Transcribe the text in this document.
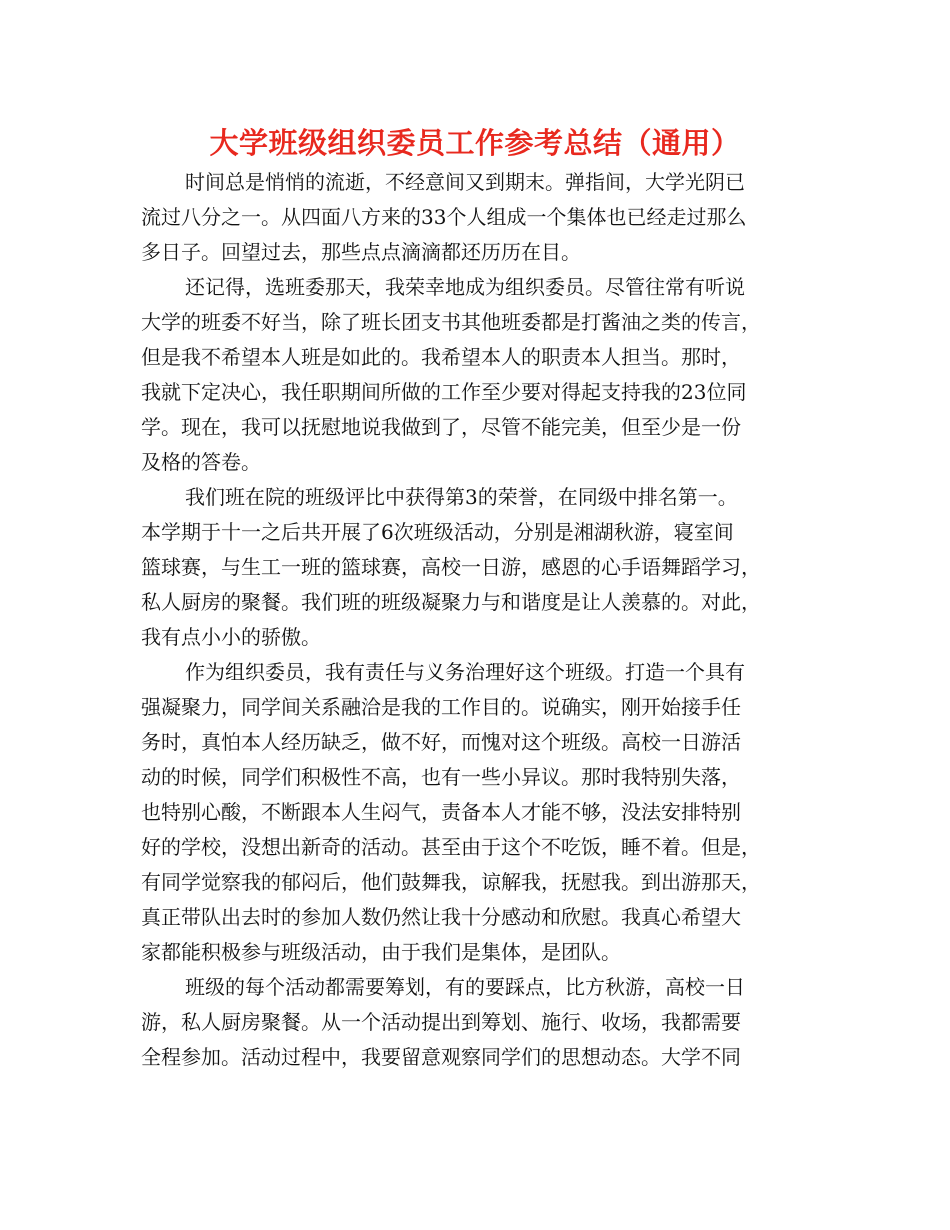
大学班级组织委员工作参考总结（通用）
时间总是悄悄的流逝，不经意间又到期末。弹指间，大学光阴已
流过八分之一。从四面八方来的33个人组成一个集体也已经走过那么
多日子。回望过去，那些点点滴滴都还历历在目。
还记得，选班委那天，我荣幸地成为组织委员。尽管往常有听说
大学的班委不好当，除了班长团支书其他班委都是打酱油之类的传言，
但是我不希望本人班是如此的。我希望本人的职责本人担当。那时，
我就下定决心，我任职期间所做的工作至少要对得起支持我的23位同
学。现在，我可以抚慰地说我做到了，尽管不能完美，但至少是一份
及格的答卷。
我们班在院的班级评比中获得第3的荣誉，在同级中排名第一。
本学期于十一之后共开展了6次班级活动，分别是湘湖秋游，寝室间
篮球赛，与生工一班的篮球赛，高校一日游，感恩的心手语舞蹈学习，
私人厨房的聚餐。我们班的班级凝聚力与和谐度是让人羡慕的。对此，
我有点小小的骄傲。
作为组织委员，我有责任与义务治理好这个班级。打造一个具有
强凝聚力，同学间关系融洽是我的工作目的。说确实，刚开始接手任
务时，真怕本人经历缺乏，做不好，而愧对这个班级。高校一日游活
动的时候，同学们积极性不高，也有一些小异议。那时我特别失落，
也特别心酸，不断跟本人生闷气，责备本人才能不够，没法安排特别
好的学校，没想出新奇的活动。甚至由于这个不吃饭，睡不着。但是，
有同学觉察我的郁闷后，他们鼓舞我，谅解我，抚慰我。到出游那天，
真正带队出去时的参加人数仍然让我十分感动和欣慰。我真心希望大
家都能积极参与班级活动，由于我们是集体，是团队。
班级的每个活动都需要筹划，有的要踩点，比方秋游，高校一日
游，私人厨房聚餐。从一个活动提出到筹划、施行、收场，我都需要
全程参加。活动过程中，我要留意观察同学们的思想动态。大学不同
